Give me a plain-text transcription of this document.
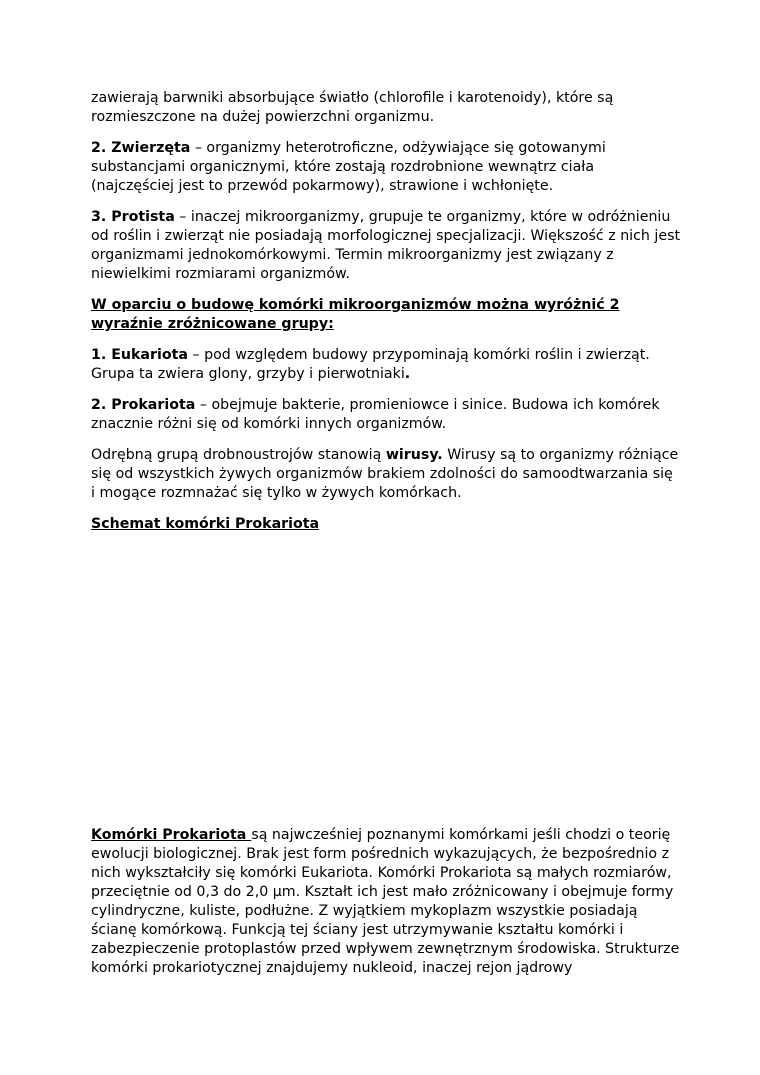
zawierają barwniki absorbujące światło (chlorofile i karotenoidy), które są rozmieszczone na dużej powierzchni organizmu.

2. Zwierzęta – organizmy heterotroficzne, odżywiające się gotowanymi substancjami organicznymi, które zostają rozdrobnione wewnątrz ciała (najczęściej jest to przewód pokarmowy), strawione i wchłonięte.

3. Protista – inaczej mikroorganizmy, grupuje te organizmy, które w odróżnieniu od roślin i zwierząt nie posiadają morfologicznej specjalizacji. Większość z nich jest organizmami jednokomórkowymi. Termin mikroorganizmy jest związany z niewielkimi rozmiarami organizmów.

W oparciu o budowę komórki mikroorganizmów można wyróżnić 2 wyraźnie zróżnicowane grupy:

1. Eukariota – pod względem budowy przypominają komórki roślin i zwierząt. Grupa ta zwiera glony, grzyby i pierwotniaki.

2. Prokariota – obejmuje bakterie, promieniowce i sinice. Budowa ich komórek znacznie różni się od komórki innych organizmów.

Odrębną grupą drobnoustrojów stanowią wirusy. Wirusy są to organizmy różniące się od wszystkich żywych organizmów brakiem zdolności do samoodtwarzania się i mogące rozmnażać się tylko w żywych komórkach.

Schemat komórki Prokariota

Komórki Prokariota są najwcześniej poznanymi komórkami jeśli chodzi o teorię ewolucji biologicznej. Brak jest form pośrednich wykazujących, że bezpośrednio z nich wykształciły się komórki Eukariota. Komórki Prokariota są małych rozmiarów, przeciętnie od 0,3 do 2,0 µm. Kształt ich jest mało zróżnicowany i obejmuje formy cylindryczne, kuliste, podłużne. Z wyjątkiem mykoplazm wszystkie posiadają ścianę komórkową. Funkcją tej ściany jest utrzymywanie kształtu komórki i zabezpieczenie protoplastów przed wpływem zewnętrznym środowiska. Strukturze komórki prokariotycznej znajdujemy nukleoid, inaczej rejon jądrowy
